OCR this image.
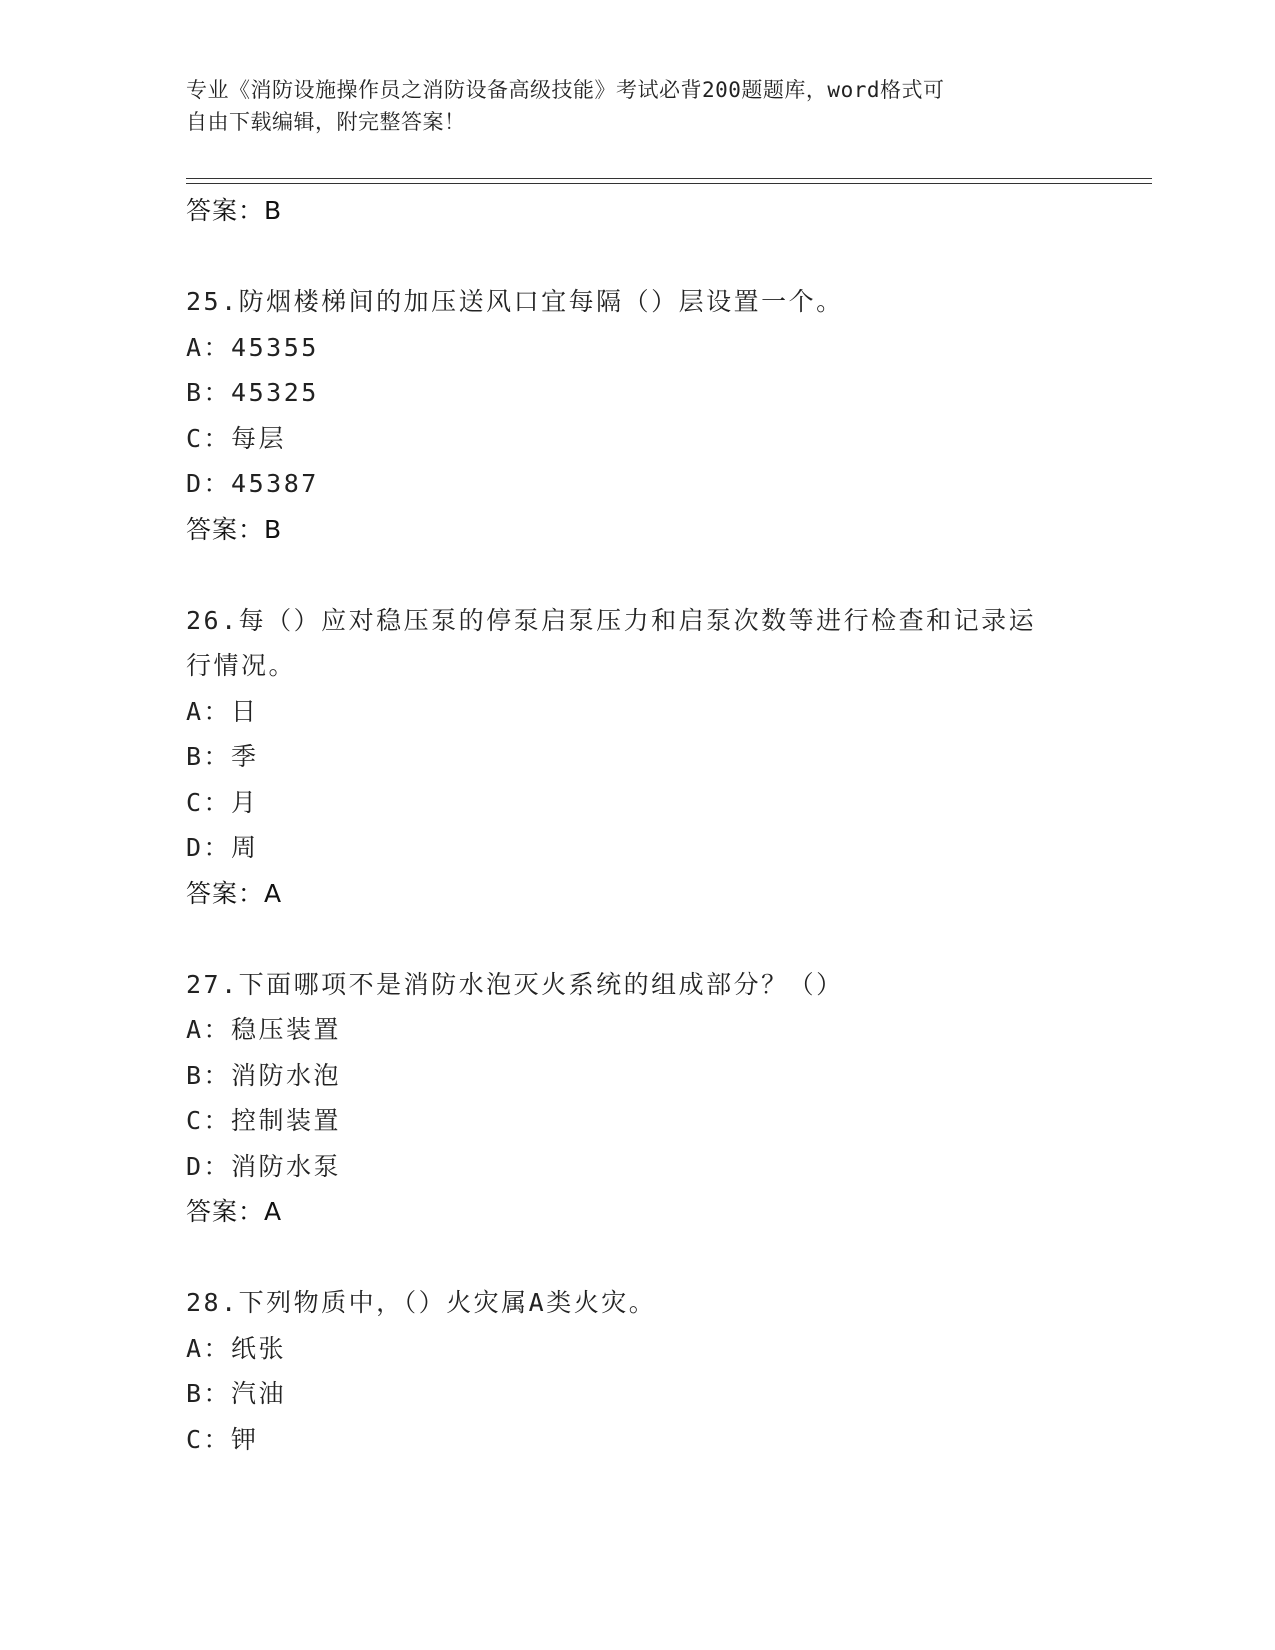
专业《消防设施操作员之消防设备高级技能》考试必背200题题库，word格式可
自由下载编辑，附完整答案！
答案：B
25.防烟楼梯间的加压送风口宜每隔（）层设置一个。
A：45355
B：45325
C：每层
D：45387
答案：B
26.每（）应对稳压泵的停泵启泵压力和启泵次数等进行检查和记录运
行情况。
A：日
B：季
C：月
D：周
答案：A
27.下面哪项不是消防水泡灭火系统的组成部分？（）
A：稳压装置
B：消防水泡
C：控制装置
D：消防水泵
答案：A
28.下列物质中，（）火灾属A类火灾。
A：纸张
B：汽油
C：钾
